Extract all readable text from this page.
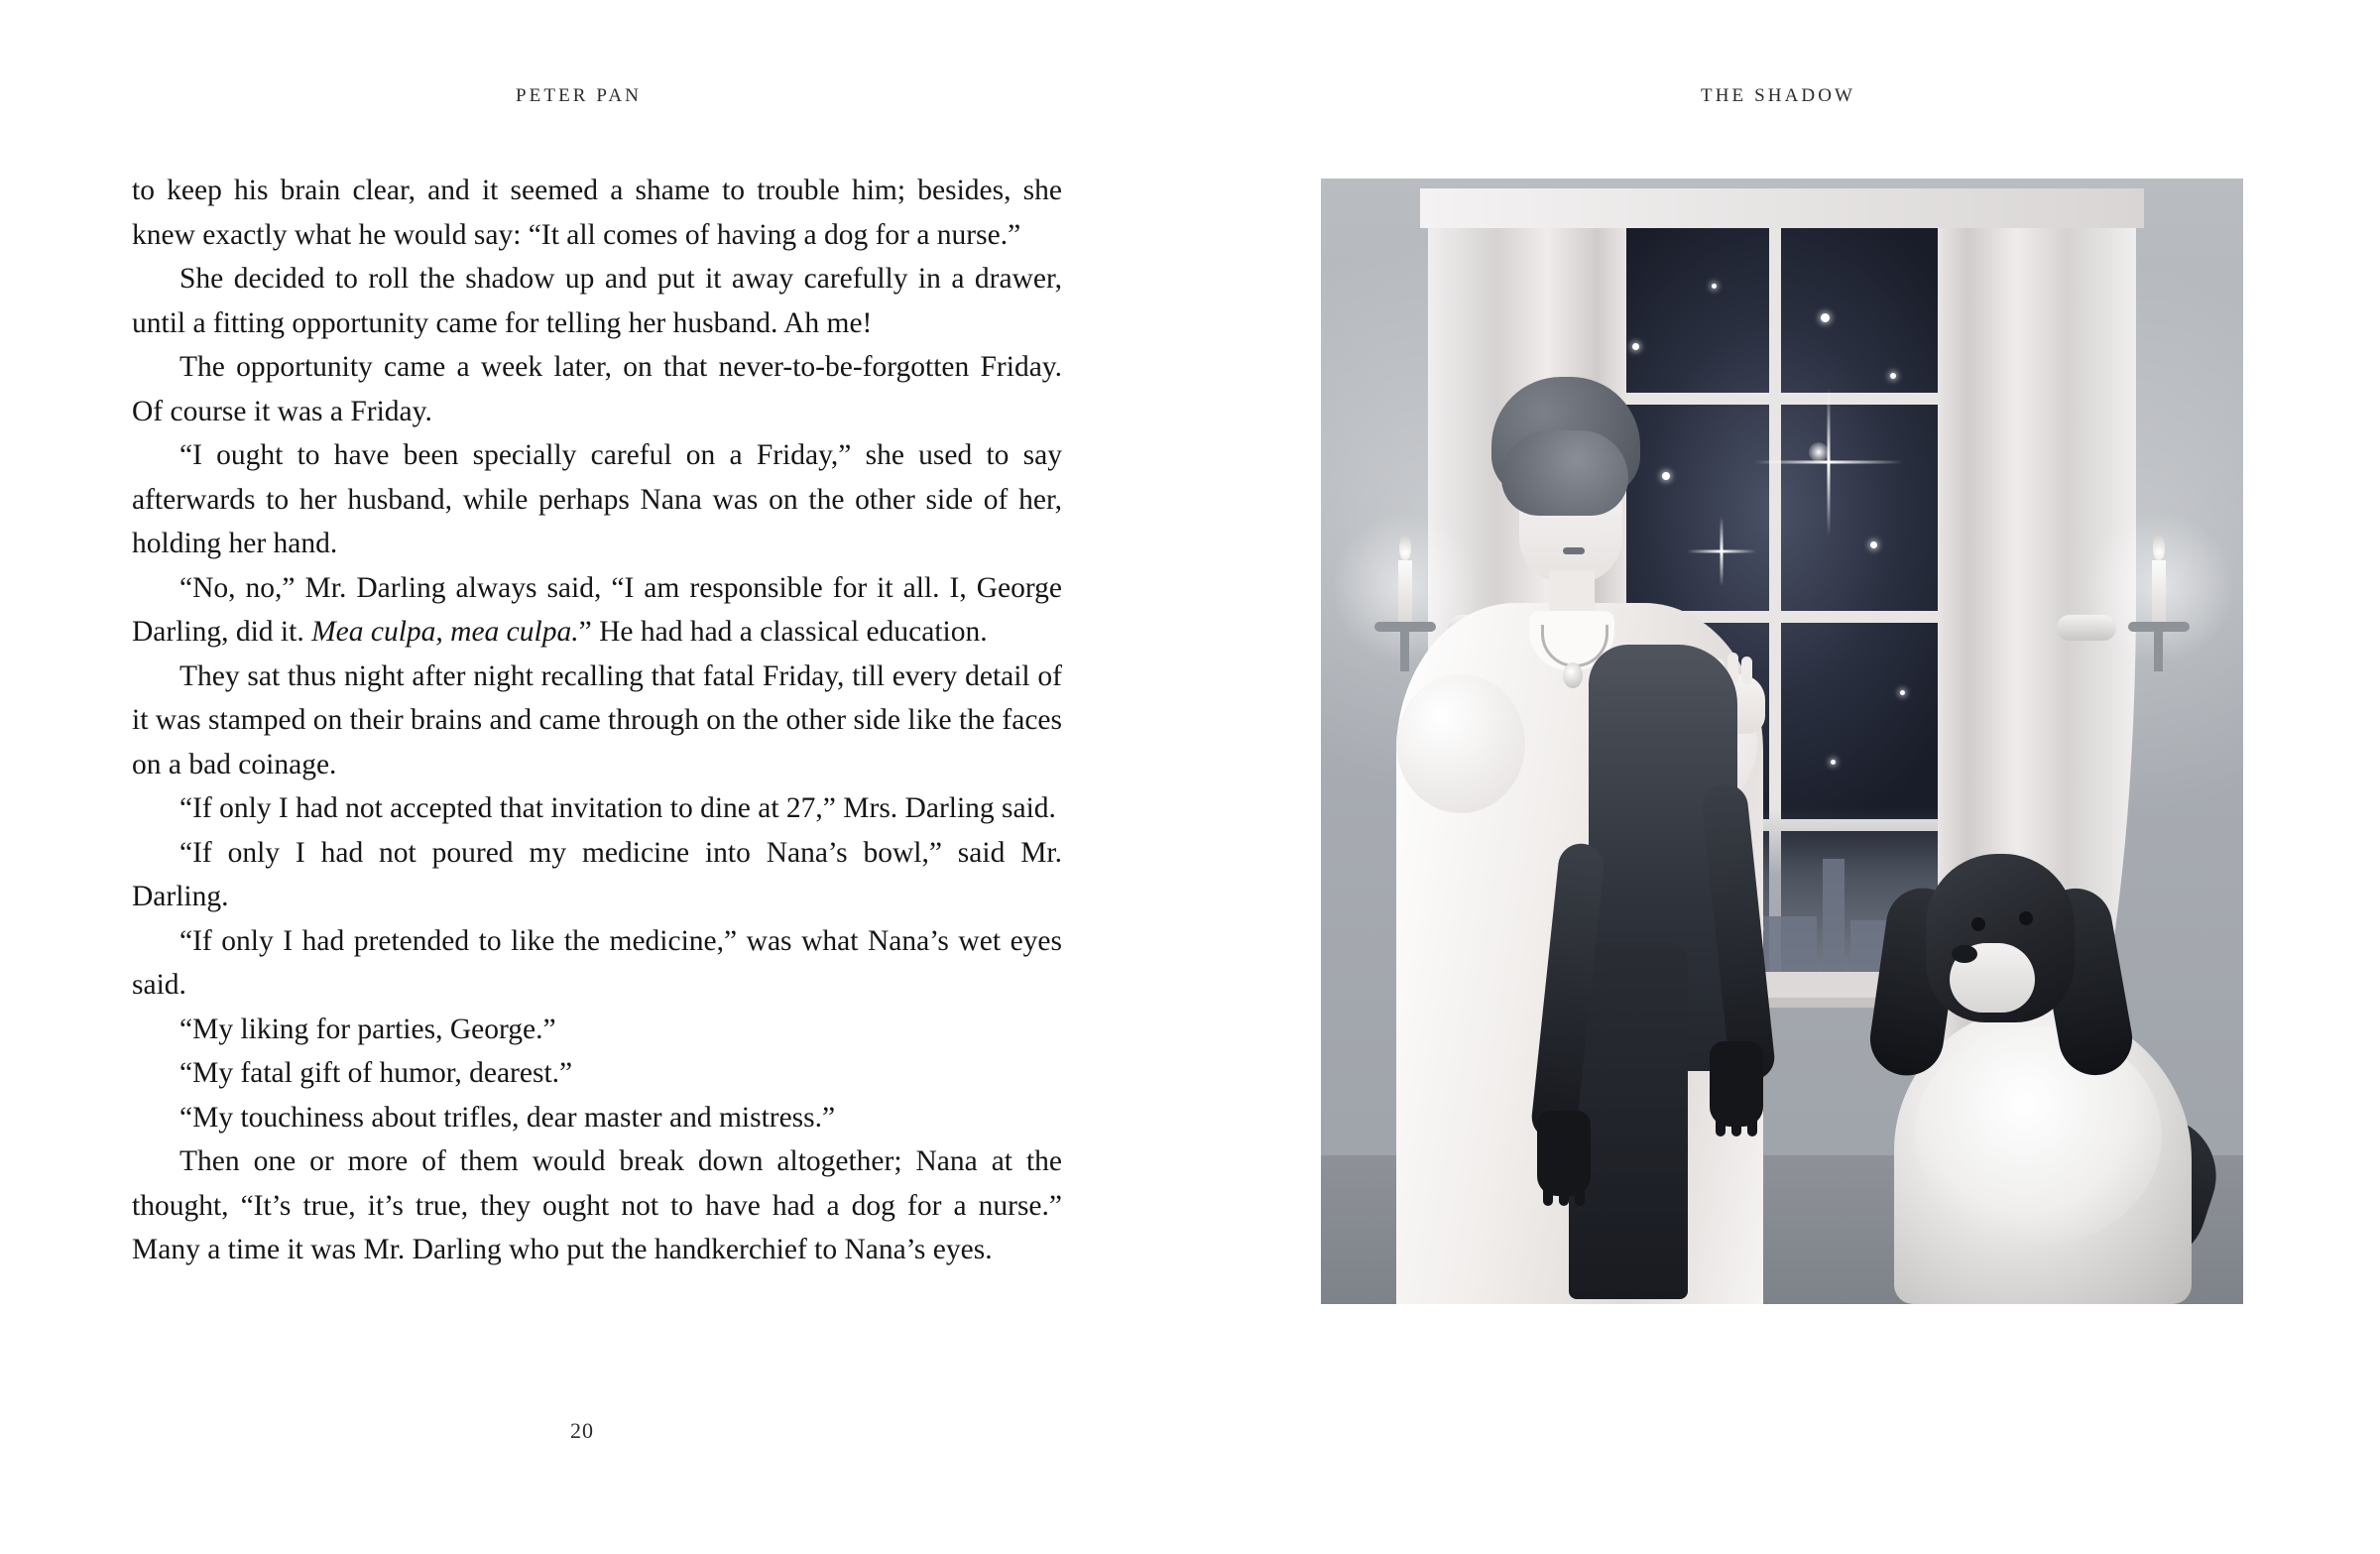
PETER PAN

to keep his brain clear, and it seemed a shame to trouble him; besides, she knew exactly what he would say: “It all comes of having a dog for a nurse.”

She decided to roll the shadow up and put it away carefully in a drawer, until a fitting opportunity came for telling her husband. Ah me!

The opportunity came a week later, on that never-to-be-forgotten Friday. Of course it was a Friday.

“I ought to have been specially careful on a Friday,” she used to say afterwards to her husband, while perhaps Nana was on the other side of her, holding her hand.

“No, no,” Mr. Darling always said, “I am responsible for it all. I, George Darling, did it. Mea culpa, mea culpa.” He had had a classical education.

They sat thus night after night recalling that fatal Friday, till every detail of it was stamped on their brains and came through on the other side like the faces on a bad coinage.

“If only I had not accepted that invitation to dine at 27,” Mrs. Darling said.

“If only I had not poured my medicine into Nana’s bowl,” said Mr. Darling.

“If only I had pretended to like the medicine,” was what Nana’s wet eyes said.

“My liking for parties, George.”

“My fatal gift of humor, dearest.”

“My touchiness about trifles, dear master and mistress.”

Then one or more of them would break down altogether; Nana at the thought, “It’s true, it’s true, they ought not to have had a dog for a nurse.” Many a time it was Mr. Darling who put the handkerchief to Nana’s eyes.

20
THE SHADOW
